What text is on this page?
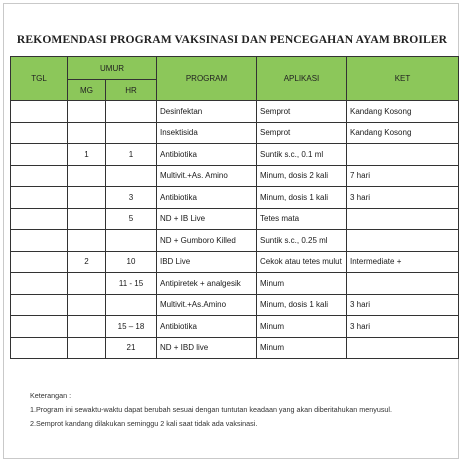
REKOMENDASI PROGRAM VAKSINASI DAN PENCEGAHAN AYAM BROILER
TGL	UMUR		PROGRAM	APLIKASI	KET
	MG	HR			
			Desinfektan	Semprot	Kandang Kosong
			Insektisida	Semprot	Kandang Kosong
	1	1	Antibiotika	Suntik s.c., 0.1 ml	
			Multivit.+As. Amino	Minum, dosis 2 kali	7 hari
		3	Antibiotika	Minum, dosis 1 kali	3 hari
		5	ND + IB Live	Tetes mata	
			ND + Gumboro Killed	Suntik s.c., 0.25 ml	
	2	10	IBD Live	Cekok atau tetes mulut	Intermediate +
		11 - 15	Antipiretek + analgesik	Minum	
			Multivit.+As.Amino	Minum, dosis 1 kali	3 hari
		15 – 18	Antibiotika	Minum	3 hari
		21	ND + IBD live	Minum	
Keterangan :
1.Program ini sewaktu-waktu dapat berubah sesuai dengan tuntutan keadaan yang akan diberitahukan menyusul.
2.Semprot kandang dilakukan seminggu 2 kali saat tidak ada vaksinasi.
